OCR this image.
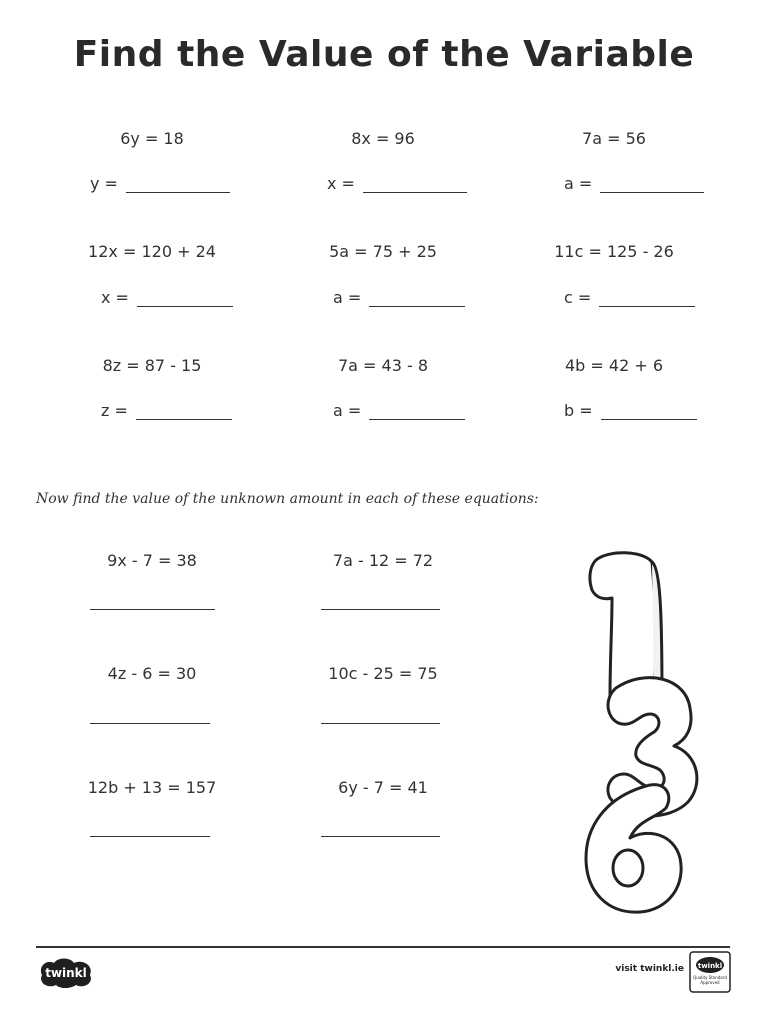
Find the Value of the Variable
6y = 18	8x = 96	7a = 56
y =	x =	a =
12x = 120 + 24	5a = 75 + 25	11c = 125 - 26
x =	a =	c =
8z = 87 - 15	7a = 43 - 8	4b = 42 + 6
z =	a =	b =
Now find the value of the unknown amount in each of these equations:
9x - 7 = 38	7a - 12 = 72
4z - 6 = 30	10c - 25 = 75
12b + 13 = 157	6y - 7 = 41
twinkl	visit twinkl.ie twinkl
Quality Standard Approved
